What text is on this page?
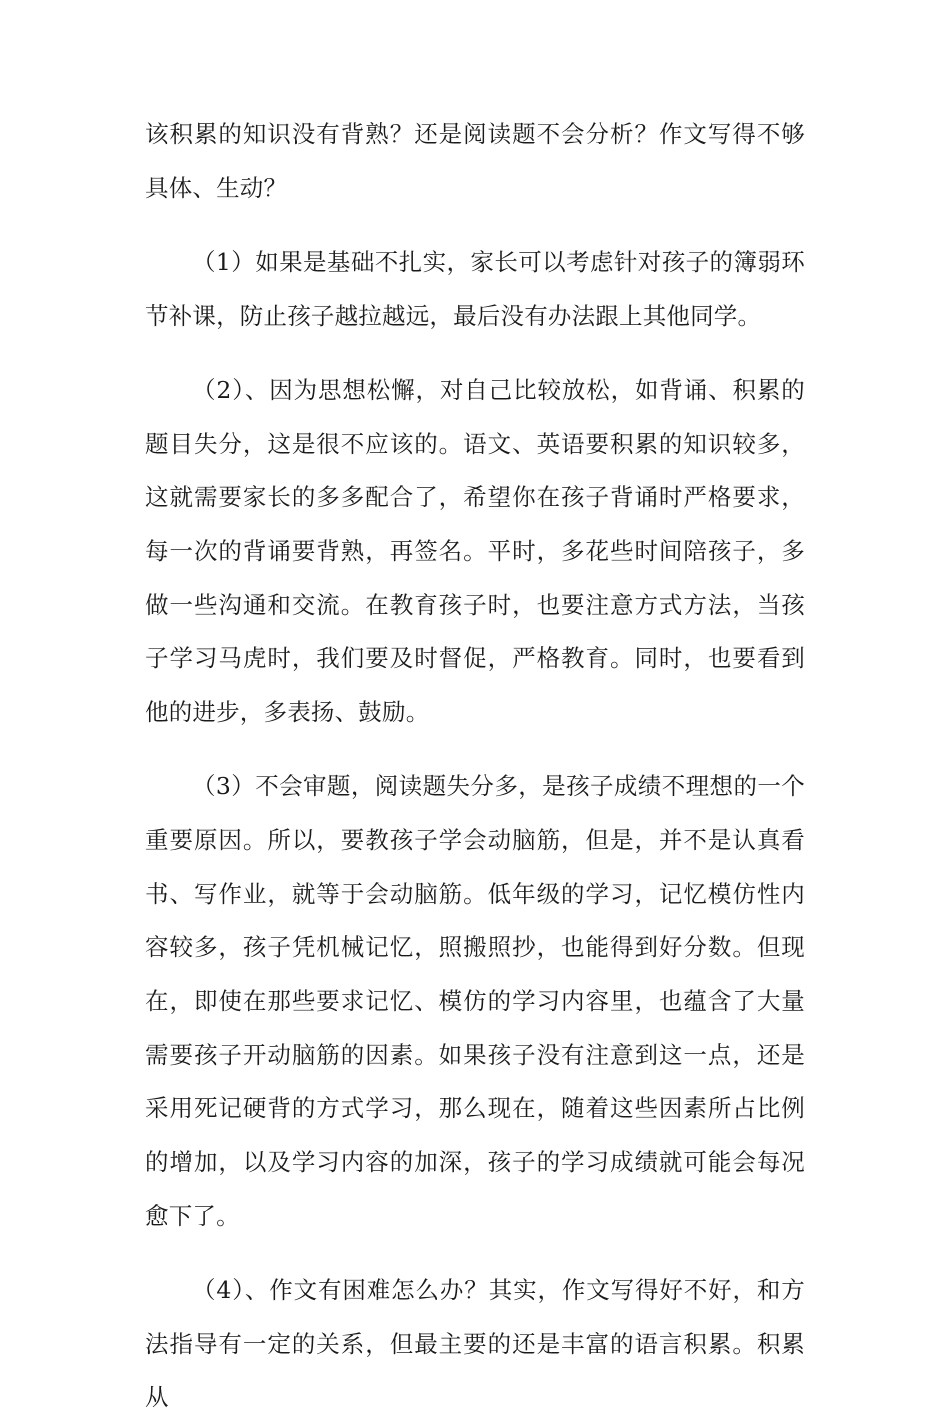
该积累的知识没有背熟？还是阅读题不会分析？作文写得不够具体、生动？

（1）如果是基础不扎实，家长可以考虑针对孩子的簿弱环节补课，防止孩子越拉越远，最后没有办法跟上其他同学。

（2）、因为思想松懈，对自己比较放松，如背诵、积累的题目失分，这是很不应该的。语文、英语要积累的知识较多，这就需要家长的多多配合了，希望你在孩子背诵时严格要求，每一次的背诵要背熟，再签名。平时，多花些时间陪孩子，多做一些沟通和交流。在教育孩子时，也要注意方式方法，当孩子学习马虎时，我们要及时督促，严格教育。同时，也要看到他的进步，多表扬、鼓励。

（3）不会审题，阅读题失分多，是孩子成绩不理想的一个重要原因。所以，要教孩子学会动脑筋，但是，并不是认真看书、写作业，就等于会动脑筋。低年级的学习，记忆模仿性内容较多，孩子凭机械记忆，照搬照抄，也能得到好分数。但现在，即使在那些要求记忆、模仿的学习内容里，也蕴含了大量需要孩子开动脑筋的因素。如果孩子没有注意到这一点，还是采用死记硬背的方式学习，那么现在，随着这些因素所占比例的增加，以及学习内容的加深，孩子的学习成绩就可能会每况愈下了。

（4）、作文有困难怎么办？其实，作文写得好不好，和方法指导有一定的关系，但最主要的还是丰富的语言积累。积累从
